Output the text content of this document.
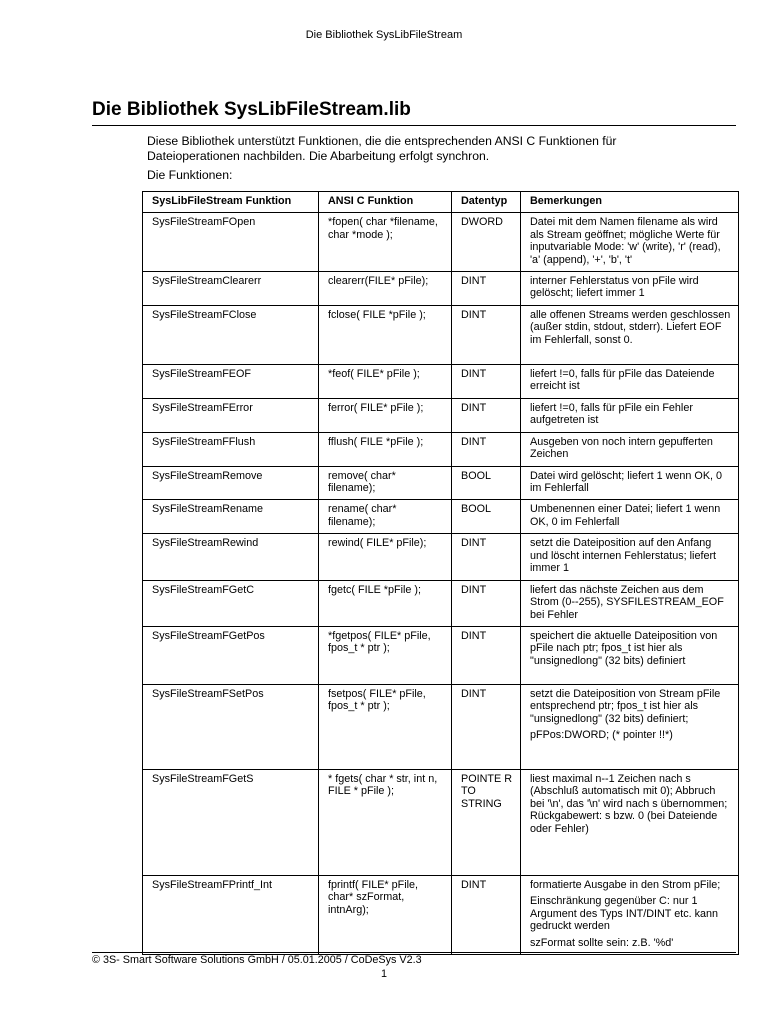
Die Bibliothek SysLibFileStream
Die Bibliothek SysLibFileStream.lib

Diese Bibliothek unterstützt Funktionen, die die entsprechenden ANSI C Funktionen für Dateioperationen nachbilden. Die Abarbeitung erfolgt synchron.

Die Funktionen:

SysLibFileStream Funktion	ANSI C Funktion	Datentyp	Bemerkungen
SysFileStreamFOpen	*fopen( char *filename, char *mode );	DWORD	Datei mit dem Namen filename als wird als Stream geöffnet; mögliche Werte für inputvariable Mode: 'w' (write), 'r' (read), 'a' (append), '+', 'b', 't'
SysFileStreamClearerr	clearerr(FILE* pFile);	DINT	interner Fehlerstatus von pFile wird gelöscht; liefert immer 1
SysFileStreamFClose	fclose( FILE *pFile );	DINT	alle offenen Streams werden geschlossen (außer stdin, stdout, stderr). Liefert EOF im Fehlerfall, sonst 0.
SysFileStreamFEOF	*feof( FILE* pFile );	DINT	liefert !=0, falls für pFile das Dateiende erreicht ist
SysFileStreamFError	ferror( FILE* pFile );	DINT	liefert !=0, falls für pFile ein Fehler aufgetreten ist
SysFileStreamFFlush	fflush( FILE *pFile );	DINT	Ausgeben von noch intern gepufferten Zeichen
SysFileStreamRemove	remove( char* filename);	BOOL	Datei wird gelöscht; liefert 1 wenn OK, 0 im Fehlerfall
SysFileStreamRename	rename( char* filename);	BOOL	Umbenennen einer Datei; liefert 1 wenn OK, 0 im Fehlerfall
SysFileStreamRewind	rewind( FILE* pFile);	DINT	setzt die Dateiposition auf den Anfang und löscht internen Fehlerstatus; liefert immer 1
SysFileStreamFGetC	fgetc( FILE *pFile );	DINT	liefert das nächste Zeichen aus dem Strom (0--255), SYSFILESTREAM_EOF bei Fehler
SysFileStreamFGetPos	*fgetpos( FILE* pFile, fpos_t * ptr );	DINT	speichert die aktuelle Dateiposition von pFile nach ptr; fpos_t ist hier als "unsignedlong" (32 bits) definiert
SysFileStreamFSetPos	fsetpos( FILE* pFile, fpos_t * ptr );	DINT	setzt die Dateiposition von Stream pFile entsprechend ptr; fpos_t ist hier als "unsignedlong" (32 bits) definiert;
pFPos:DWORD; (* pointer !!*)

SysFileStreamFGetS	* fgets( char * str, int n, FILE * pFile );	POINTE R TO STRING	liest maximal n--1 Zeichen nach s (Abschluß automatisch mit 0); Abbruch bei '\n', das '\n' wird nach s übernommen; Rückgabewert: s bzw. 0 (bei Dateiende oder Fehler)
SysFileStreamFPrintf_Int	fprintf( FILE* pFile, char* szFormat, intnArg);	DINT	formatierte Ausgabe in den Strom pFile;
Einschränkung gegenüber C: nur 1 Argument des Typs INT/DINT etc. kann gedruckt werden
szFormat sollte sein: z.B. '%d'
© 3S- Smart Software Solutions GmbH / 05.01.2005 / CoDeSys V2.3
1
